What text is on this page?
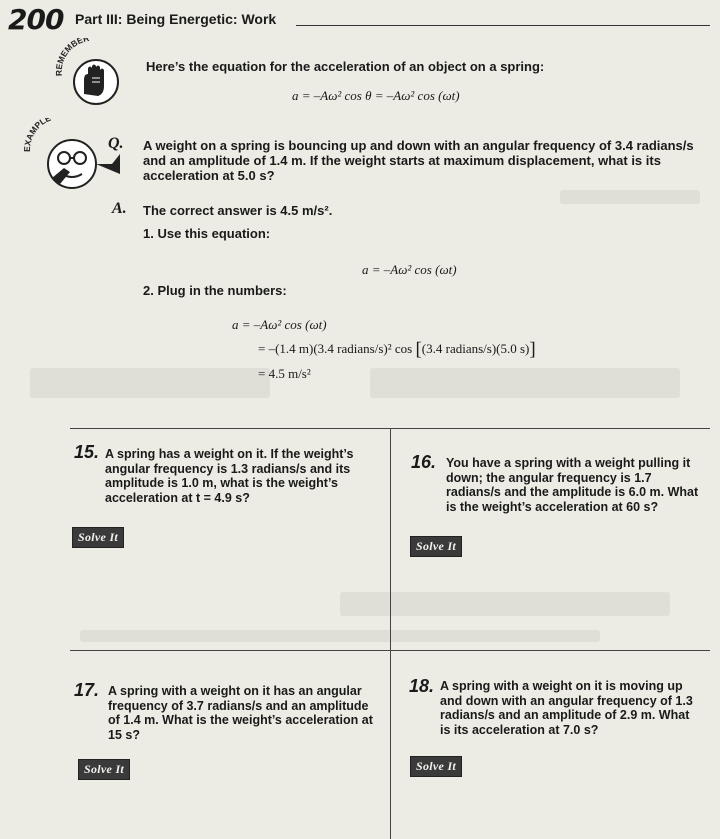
200 Part III: Being Energetic: Work
REMEMBER
Here’s the equation for the acceleration of an object on a spring:
a = –Aω² cos θ = –Aω² cos (ωt)
AMPLE
Q. A weight on a spring is bouncing up and down with an angular frequency of 3.4 radians/s and an amplitude of 1.4 m. If the weight starts at maximum displacement, what is its acceleration at 5.0 s?
A. The correct answer is 4.5 m/s².
1. Use this equation:
a = –Aω² cos (ωt)
2. Plug in the numbers:
a = –Aω² cos (ωt)
= –(1.4 m)(3.4 radians/s)² cos [(3.4 radians/s)(5.0 s)]
= 4.5 m/s²
15. A spring has a weight on it. If the weight’s angular frequency is 1.3 radians/s and its amplitude is 1.0 m, what is the weight’s acceleration at t = 4.9 s?
Solve It
16. You have a spring with a weight pulling it down; the angular frequency is 1.7 radians/s and the amplitude is 6.0 m. What is the weight’s acceleration at 60 s?
Solve It
17. A spring with a weight on it has an angular frequency of 3.7 radians/s and an amplitude of 1.4 m. What is the weight’s acceleration at 15 s?
Solve It
18. A spring with a weight on it is moving up and down with an angular frequency of 1.3 radians/s and an amplitude of 2.9 m. What is its acceleration at 7.0 s?
Solve It
